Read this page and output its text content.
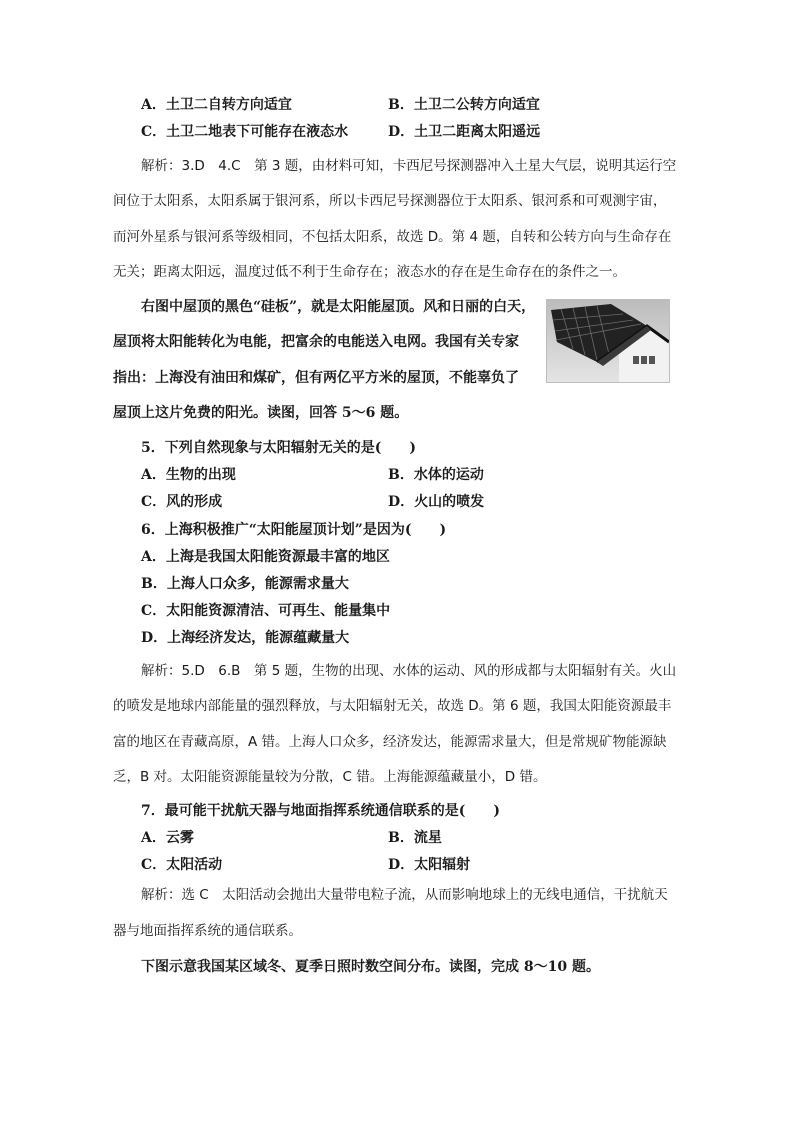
A．土卫二自转方向适宜	B．土卫二公转方向适宜
C．土卫二地表下可能存在液态水	D．土卫二距离太阳遥远
解析：3.D　4.C　第 3 题，由材料可知，卡西尼号探测器冲入土星大气层，说明其运行空
间位于太阳系，太阳系属于银河系，所以卡西尼号探测器位于太阳系、银河系和可观测宇宙，
而河外星系与银河系等级相同，不包括太阳系，故选 D。第 4 题，自转和公转方向与生命存在
无关；距离太阳远，温度过低不利于生命存在；液态水的存在是生命存在的条件之一。
右图中屋顶的黑色“硅板”，就是太阳能屋顶。风和日丽的白天，
屋顶将太阳能转化为电能，把富余的电能送入电网。我国有关专家
指出：上海没有油田和煤矿，但有两亿平方米的屋顶，不能辜负了
屋顶上这片免费的阳光。读图，回答 5～6 题。
5．下列自然现象与太阳辐射无关的是(　　)
A．生物的出现	B．水体的运动
C．风的形成	D．火山的喷发
6．上海积极推广“太阳能屋顶计划”是因为(　　)
A．上海是我国太阳能资源最丰富的地区
B．上海人口众多，能源需求量大
C．太阳能资源清洁、可再生、能量集中
D．上海经济发达，能源蕴藏量大
解析：5.D　6.B　第 5 题，生物的出现、水体的运动、风的形成都与太阳辐射有关。火山
的喷发是地球内部能量的强烈释放，与太阳辐射无关，故选 D。第 6 题，我国太阳能资源最丰
富的地区在青藏高原，A 错。上海人口众多，经济发达，能源需求量大，但是常规矿物能源缺
乏，B 对。太阳能资源能量较为分散，C 错。上海能源蕴藏量小，D 错。
7．最可能干扰航天器与地面指挥系统通信联系的是(　　)
A．云雾	B．流星
C．太阳活动	D．太阳辐射
解析：选 C　太阳活动会抛出大量带电粒子流，从而影响地球上的无线电通信，干扰航天
器与地面指挥系统的通信联系。
下图示意我国某区域冬、夏季日照时数空间分布。读图，完成 8～10 题。
